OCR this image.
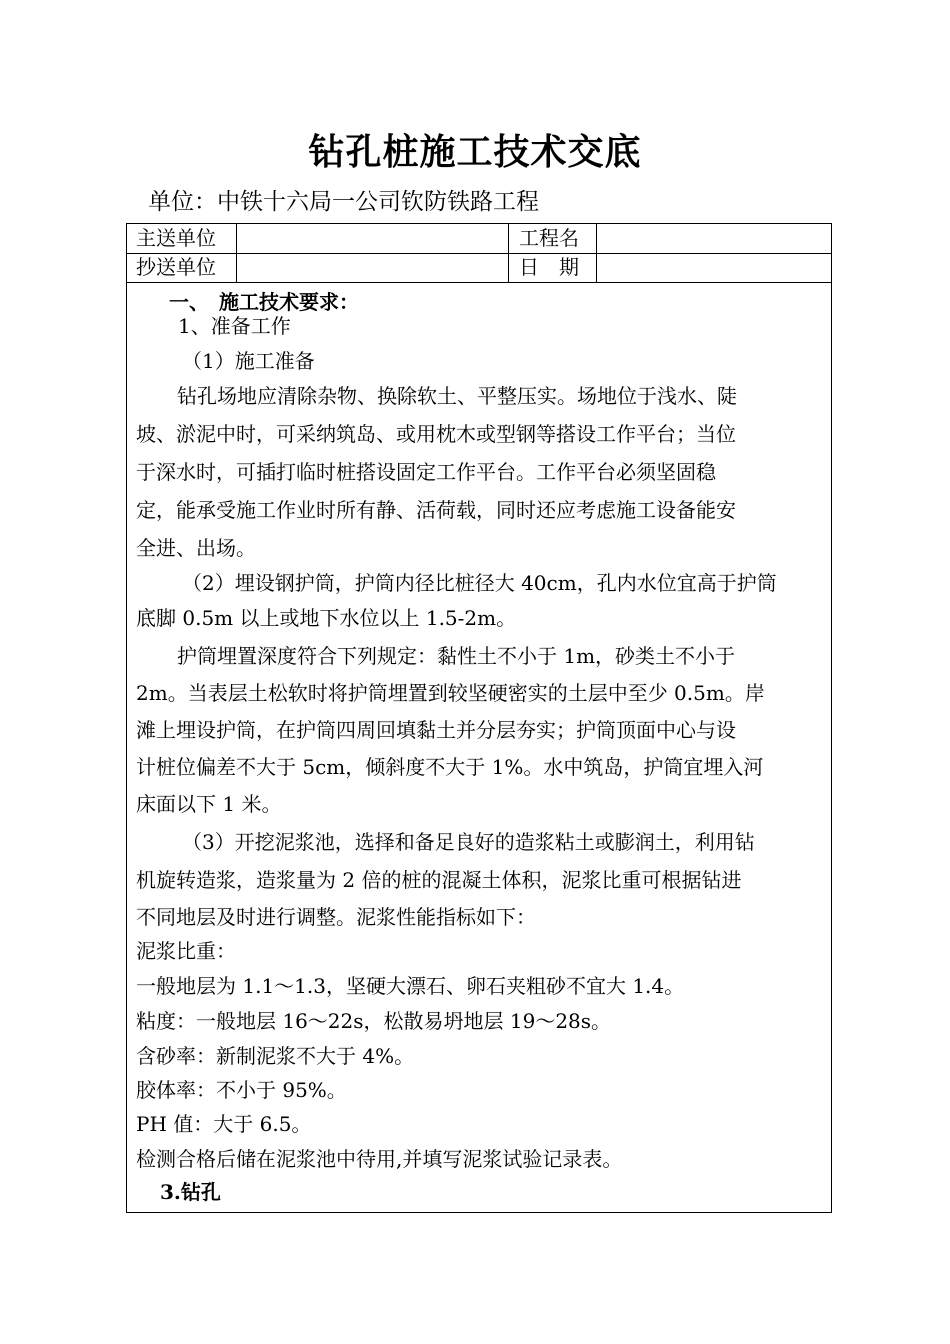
钻孔桩施工技术交底
单位：中铁十六局一公司钦防铁路工程
主送单位	工程名
抄送单位	日　期
一、　施工技术要求：
1、准备工作
（1）施工准备
钻孔场地应清除杂物、换除软土、平整压实。场地位于浅水、陡
坡、淤泥中时，可采纳筑岛、或用枕木或型钢等搭设工作平台；当位
于深水时，可插打临时桩搭设固定工作平台。工作平台必须坚固稳
定，能承受施工作业时所有静、活荷载，同时还应考虑施工设备能安
全进、出场。
（2）埋设钢护筒，护筒内径比桩径大 40cm，孔内水位宜高于护筒
底脚 0.5m 以上或地下水位以上 1.5-2m。
护筒埋置深度符合下列规定：黏性土不小于 1m，砂类土不小于
2m。当表层土松软时将护筒埋置到较坚硬密实的土层中至少 0.5m。岸
滩上埋设护筒，在护筒四周回填黏土并分层夯实；护筒顶面中心与设
计桩位偏差不大于 5cm，倾斜度不大于 1%。水中筑岛，护筒宜埋入河
床面以下 1 米。
（3）开挖泥浆池，选择和备足良好的造浆粘土或膨润土，利用钻
机旋转造浆，造浆量为 2 倍的桩的混凝土体积，泥浆比重可根据钻进
不同地层及时进行调整。泥浆性能指标如下：
泥浆比重：
一般地层为 1.1～1.3，坚硬大漂石、卵石夹粗砂不宜大 1.4。
粘度：一般地层 16～22s，松散易坍地层 19～28s。
含砂率：新制泥浆不大于 4%。
胶体率：不小于 95%。
PH 值：大于 6.5。
检测合格后储在泥浆池中待用,并填写泥浆试验记录表。
3.钻孔
